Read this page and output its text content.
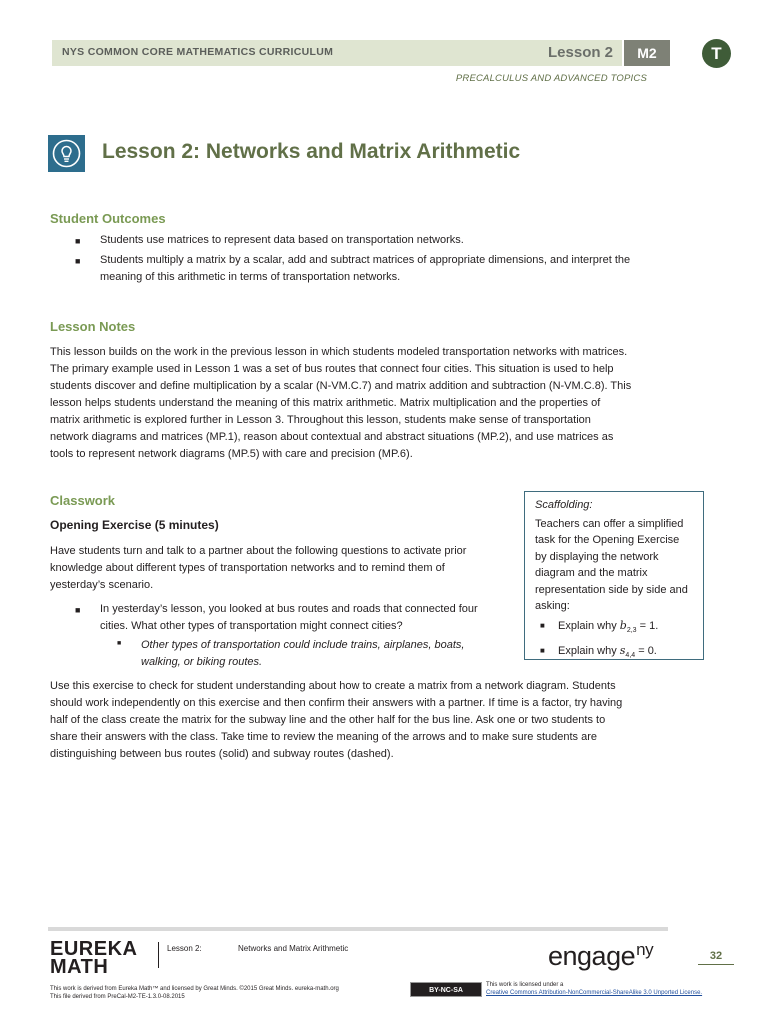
NYS COMMON CORE MATHEMATICS CURRICULUM	Lesson 2	M2	T
PRECALCULUS AND ADVANCED TOPICS
Lesson 2: Networks and Matrix Arithmetic
Student Outcomes
■ Students use matrices to represent data based on transportation networks.
■ Students multiply a matrix by a scalar, add and subtract matrices of appropriate dimensions, and interpret the
meaning of this arithmetic in terms of transportation networks.
Lesson Notes
This lesson builds on the work in the previous lesson in which students modeled transportation networks with matrices.
The primary example used in Lesson 1 was a set of bus routes that connect four cities. This situation is used to help
students discover and define multiplication by a scalar (N-VM.C.7) and matrix addition and subtraction (N-VM.C.8). This
lesson helps students understand the meaning of this matrix arithmetic. Matrix multiplication and the properties of
matrix arithmetic is explored further in Lesson 3. Throughout this lesson, students make sense of transportation
network diagrams and matrices (MP.1), reason about contextual and abstract situations (MP.2), and use matrices as
tools to represent network diagrams (MP.5) with care and precision (MP.6).
Classwork
Opening Exercise (5 minutes)
Have students turn and talk to a partner about the following questions to activate prior
knowledge about different types of transportation networks and to remind them of
yesterday’s scenario.
■ In yesterday’s lesson, you looked at bus routes and roads that connected four
cities. What other types of transportation might connect cities?
■ Other types of transportation could include trains, airplanes, boats,
walking, or biking routes.
Use this exercise to check for student understanding about how to create a matrix from a network diagram. Students
should work independently on this exercise and then confirm their answers with a partner. If time is a factor, try having
half of the class create the matrix for the subway line and the other half for the bus line. Ask one or two students to
share their answers with the class. Take time to review the meaning of the arrows and to make sure students are
distinguishing between bus routes (solid) and subway routes (dashed).
Scaffolding:
Teachers can offer a simplified
task for the Opening Exercise
by displaying the network
diagram and the matrix
representation side by side and
asking:
■ Explain why $b_{2,3} = 1$.
■ Explain why $s_{4,4} = 0$.
EUREKA
MATH
Lesson 2:	Networks and Matrix Arithmetic	engage$^{ny}$	32
This work is derived from Eureka Math™ and licensed by Great Minds. ©2015 Great Minds. eureka-math.org
This file derived from PreCal-M2-TE-1.3.0-08.2015
BY-NC-SA
This work is licensed under a
Creative Commons Attribution-NonCommercial-ShareAlike 3.0 Unported License.
